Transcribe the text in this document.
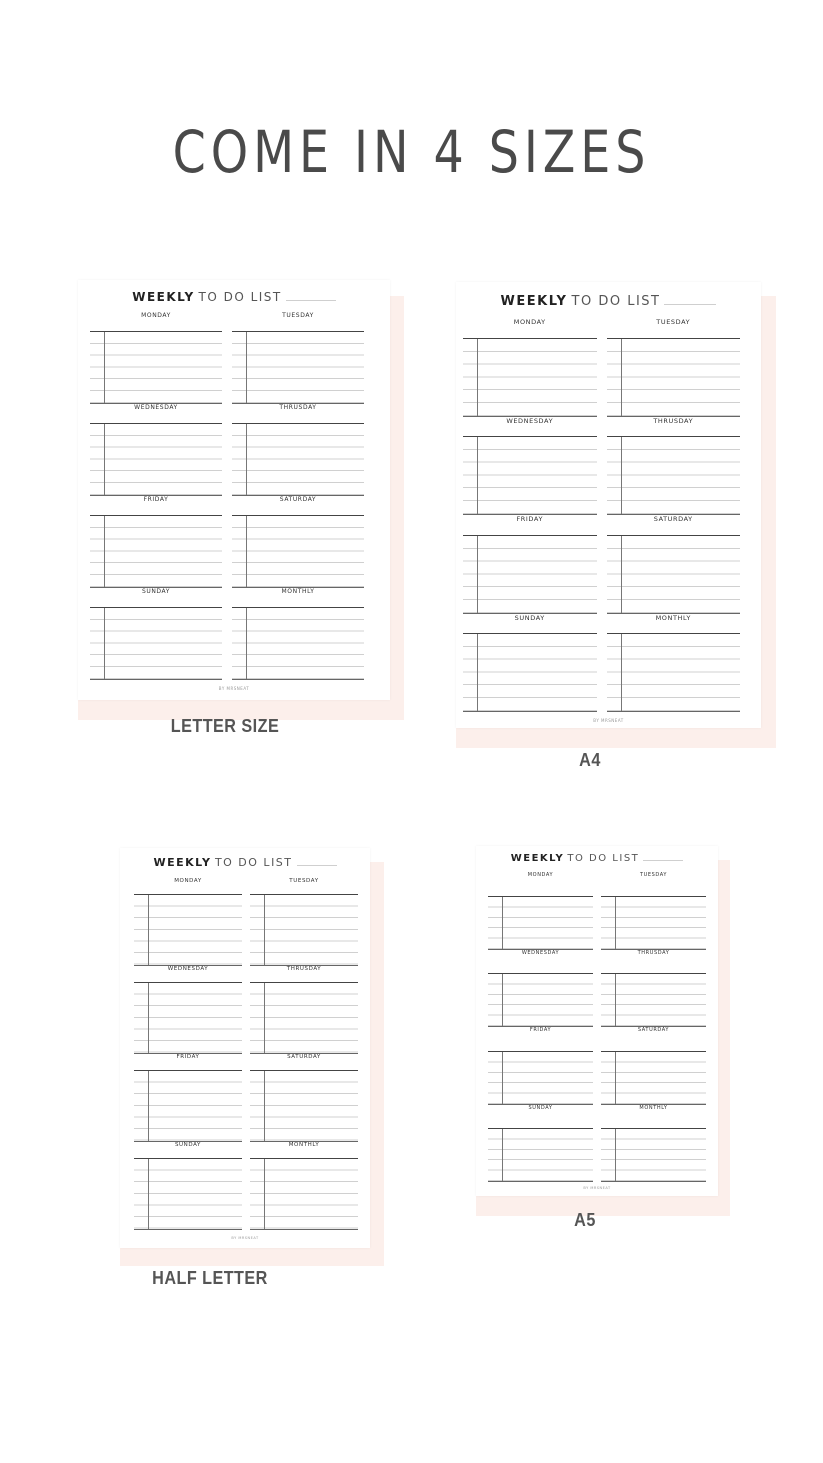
COME IN 4 SIZES
WEEKLY TO DO LIST
MONDAY	TUESDAY
WEDNESDAY	THRUSDAY
FRIDAY	SATURDAY
SUNDAY	MONTHLY
BY MRSNEAT
LETTER SIZE
WEEKLY TO DO LIST
MONDAY	TUESDAY
WEDNESDAY	THRUSDAY
FRIDAY	SATURDAY
SUNDAY	MONTHLY
BY MRSNEAT
A4
WEEKLY TO DO LIST
MONDAY	TUESDAY
WEDNESDAY	THRUSDAY
FRIDAY	SATURDAY
SUNDAY	MONTHLY
BY MRSNEAT
HALF LETTER
WEEKLY TO DO LIST
MONDAY	TUESDAY
WEDNESDAY	THRUSDAY
FRIDAY	SATURDAY
SUNDAY	MONTHLY
BY MRSNEAT
A5
